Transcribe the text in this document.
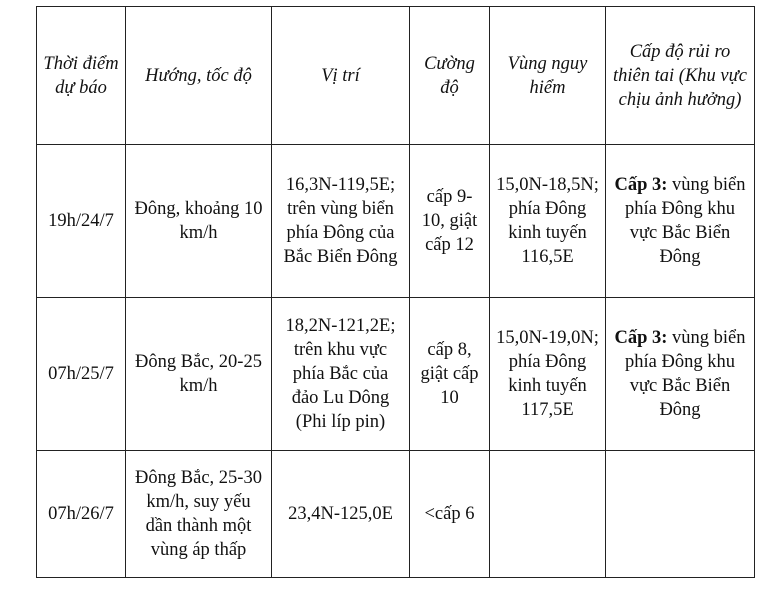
Thời điểm dự báo	Hướng, tốc độ	Vị trí	Cường độ	Vùng nguy hiểm	Cấp độ rủi ro thiên tai (Khu vực chịu ảnh hưởng)
19h/24/7	Đông, khoảng 10 km/h	16,3N-119,5E; trên vùng biển phía Đông của Bắc Biển Đông	cấp 9-10, giật cấp 12	15,0N-18,5N; phía Đông kinh tuyến 116,5E	Cấp 3: vùng biển phía Đông khu vực Bắc Biển Đông
07h/25/7	Đông Bắc, 20-25 km/h	18,2N-121,2E; trên khu vực phía Bắc của đảo Lu Dông (Phi líp pin)	cấp 8, giật cấp 10	15,0N-19,0N; phía Đông kinh tuyến 117,5E	Cấp 3: vùng biển phía Đông khu vực Bắc Biển Đông
07h/26/7	Đông Bắc, 25-30 km/h, suy yếu dần thành một vùng áp thấp	23,4N-125,0E	<cấp 6		
